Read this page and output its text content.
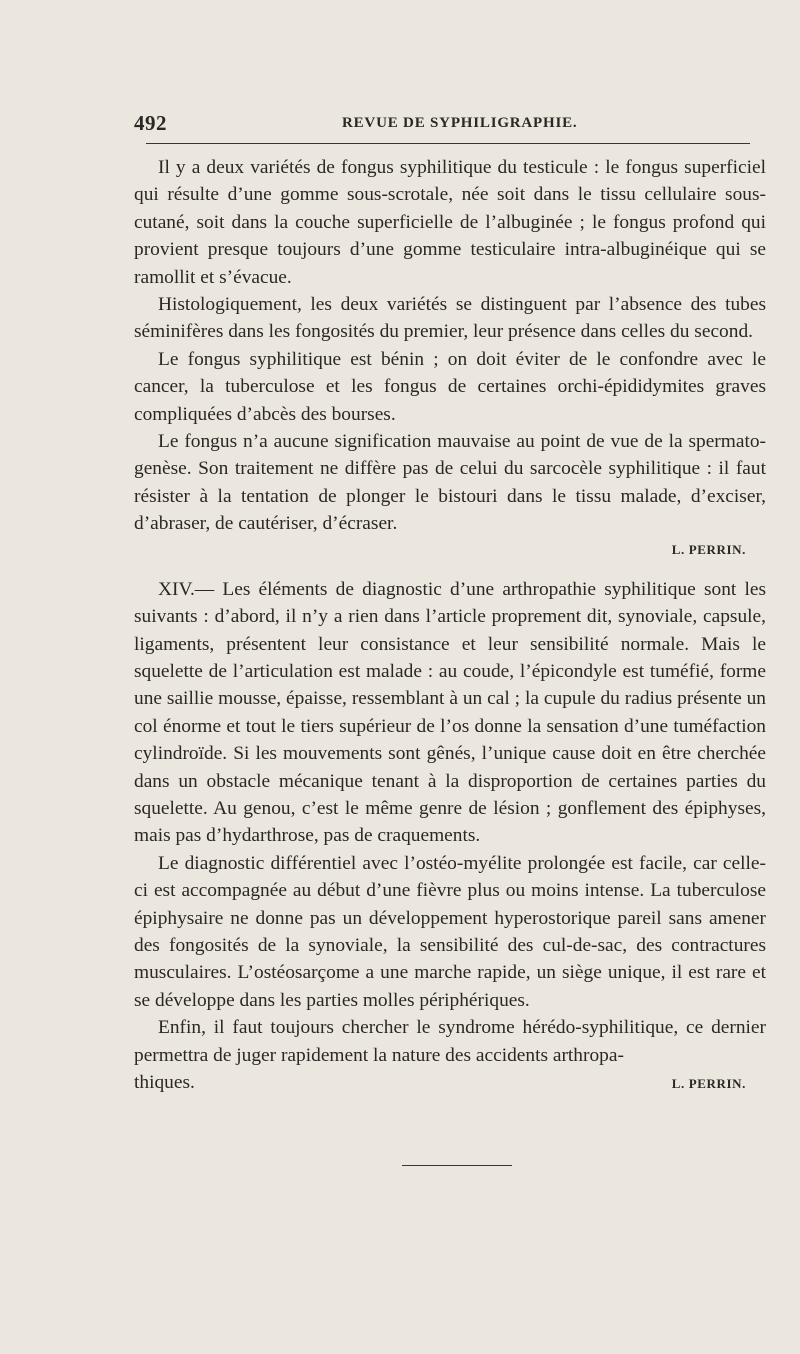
492	REVUE DE SYPHILIGRAPHIE.

Il y a deux variétés de fongus syphilitique du testicule : le fongus superficiel qui résulte d’une gomme sous-scrotale, née soit dans le tissu cellulaire sous-cutané, soit dans la couche superficielle de l’albuginée ; le fongus profond qui provient presque toujours d’une gomme testiculaire intra-albuginéique qui se ramollit et s’évacue.

Histologiquement, les deux variétés se distinguent par l’absence des tubes séminifères dans les fongosités du premier, leur présence dans celles du second.

Le fongus syphilitique est bénin ; on doit éviter de le confondre avec le cancer, la tuberculose et les fongus de certaines orchi-épididymites graves compliquées d’abcès des bourses.

Le fongus n’a aucune signification mauvaise au point de vue de la spermato-genèse. Son traitement ne diffère pas de celui du sarcocèle syphilitique : il faut résister à la tentation de plonger le bistouri dans le tissu malade, d’exciser, d’abraser, de cautériser, d’écraser.

L. PERRIN.

XIV.— Les éléments de diagnostic d’une arthropathie syphilitique sont les suivants : d’abord, il n’y a rien dans l’article proprement dit, synoviale, capsule, ligaments, présentent leur consistance et leur sensibilité normale. Mais le squelette de l’articulation est malade : au coude, l’épicondyle est tuméfié, forme une saillie mousse, épaisse, ressemblant à un cal ; la cupule du radius présente un col énorme et tout le tiers supérieur de l’os donne la sensation d’une tuméfaction cylindroïde. Si les mouvements sont gênés, l’unique cause doit en être cherchée dans un obstacle mécanique tenant à la disproportion de certaines parties du squelette. Au genou, c’est le même genre de lésion ; gonflement des épiphyses, mais pas d’hydarthrose, pas de craquements.

Le diagnostic différentiel avec l’ostéo-myélite prolongée est facile, car celle-ci est accompagnée au début d’une fièvre plus ou moins intense. La tuberculose épiphysaire ne donne pas un développement hyperostorique pareil sans amener des fongosités de la synoviale, la sensibilité des cul-de-sac, des contractures musculaires. L’ostéosarçome a une marche rapide, un siège unique, il est rare et se développe dans les parties molles périphériques.

Enfin, il faut toujours chercher le syndrome hérédo-syphilitique, ce dernier permettra de juger rapidement la nature des accidents arthropa-

thiques.	L. PERRIN.
